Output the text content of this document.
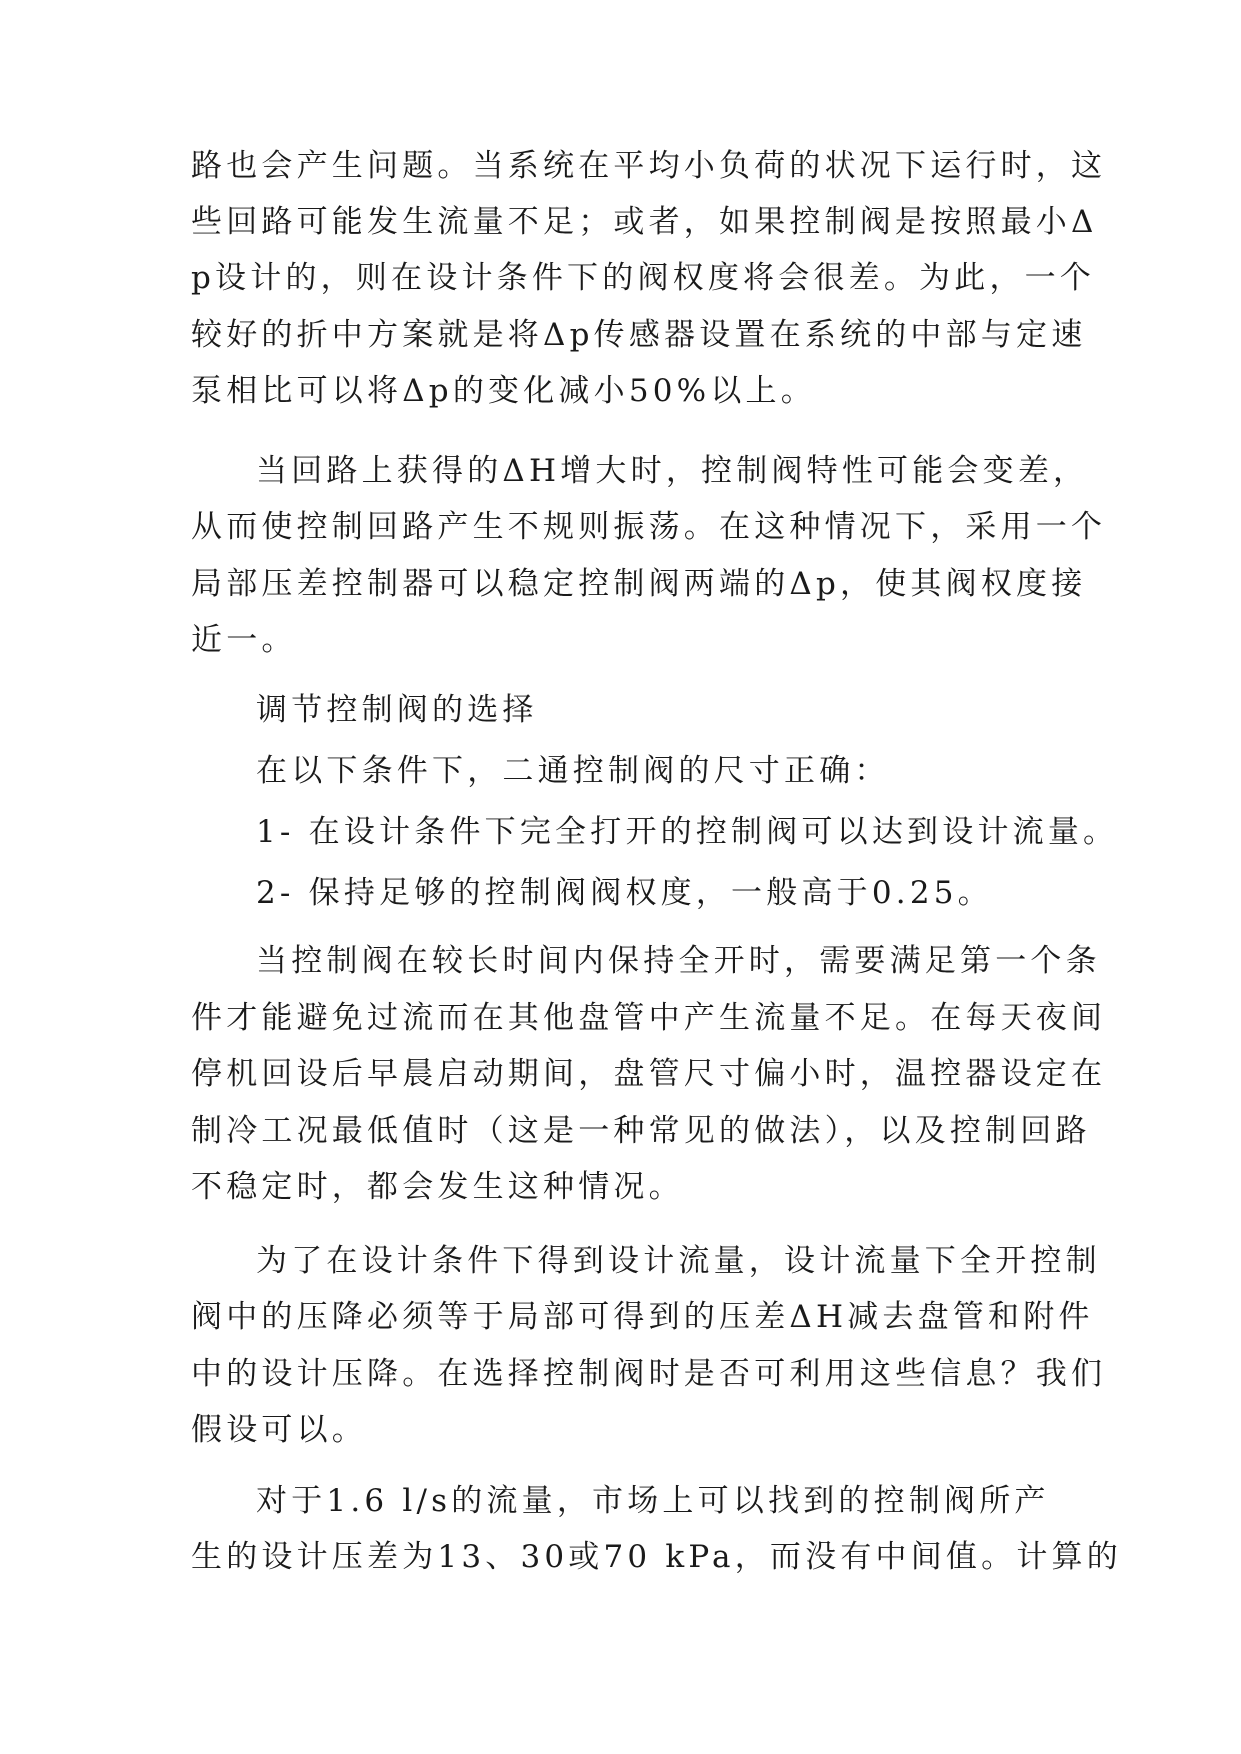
路也会产生问题。当系统在平均小负荷的状况下运行时，这
些回路可能发生流量不足；或者，如果控制阀是按照最小Δ
p设计的，则在设计条件下的阀权度将会很差。为此，一个
较好的折中方案就是将Δp传感器设置在系统的中部与定速
泵相比可以将Δp的变化减小50%以上。
当回路上获得的ΔH增大时，控制阀特性可能会变差，
从而使控制回路产生不规则振荡。在这种情况下，采用一个
局部压差控制器可以稳定控制阀两端的Δp，使其阀权度接
近一。
调节控制阀的选择
在以下条件下，二通控制阀的尺寸正确：
1- 在设计条件下完全打开的控制阀可以达到设计流量。
2- 保持足够的控制阀阀权度，一般高于0.25。
当控制阀在较长时间内保持全开时，需要满足第一个条
件才能避免过流而在其他盘管中产生流量不足。在每天夜间
停机回设后早晨启动期间，盘管尺寸偏小时，温控器设定在
制冷工况最低值时（这是一种常见的做法），以及控制回路
不稳定时，都会发生这种情况。
为了在设计条件下得到设计流量，设计流量下全开控制
阀中的压降必须等于局部可得到的压差ΔH减去盘管和附件
中的设计压降。在选择控制阀时是否可利用这些信息？我们
假设可以。
对于1.6 l/s的流量，市场上可以找到的控制阀所产
生的设计压差为13、30或70 kPa，而没有中间值。计算的
